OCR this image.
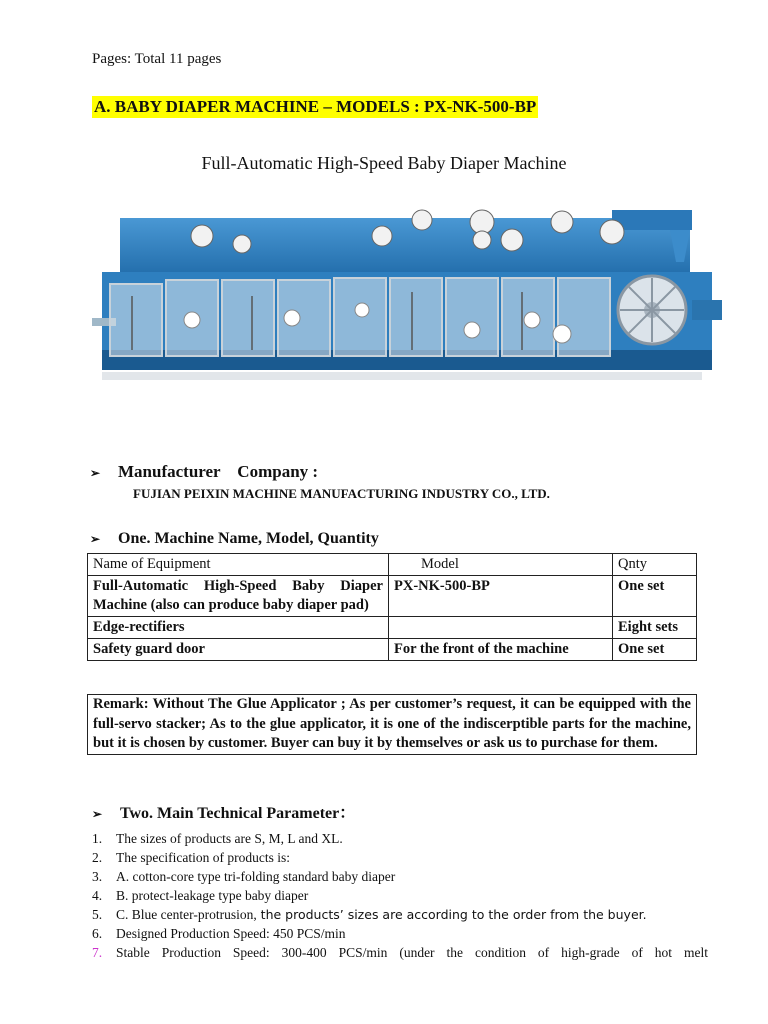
Pages: Total 11 pages
A. BABY DIAPER MACHINE – MODELS : PX-NK-500-BP
Full-Automatic High-Speed Baby Diaper Machine
➢ Manufacturer    Company :
FUJIAN PEIXIN MACHINE MANUFACTURING INDUSTRY CO., LTD.
➢ One. Machine Name, Model, Quantity
Name of Equipment	Model	Qnty
Full-Automatic High-Speed Baby Diaper Machine (also can produce baby diaper pad)	PX-NK-500-BP	One set
Edge-rectifiers		Eight sets
Safety guard door	For the front of the machine	One set
Remark: Without The Glue Applicator ; As per customer’s request, it can be equipped with the full-servo stacker; As to the glue applicator, it is one of the indiscerptible parts for the machine, but it is chosen by customer. Buyer can buy it by themselves or ask us to purchase for them.
➢ Two. Main Technical Parameter：
1. The sizes of products are S, M, L and XL.
2. The specification of products is:
3. A. cotton-core type tri-folding standard baby diaper
4. B. protect-leakage type baby diaper
5. C. Blue center-protrusion, the products’ sizes are according to the order from the buyer.
6. Designed Production Speed: 450 PCS/min
7. Stable Production Speed: 300-400 PCS/min (under the condition of high-grade of hot melt
